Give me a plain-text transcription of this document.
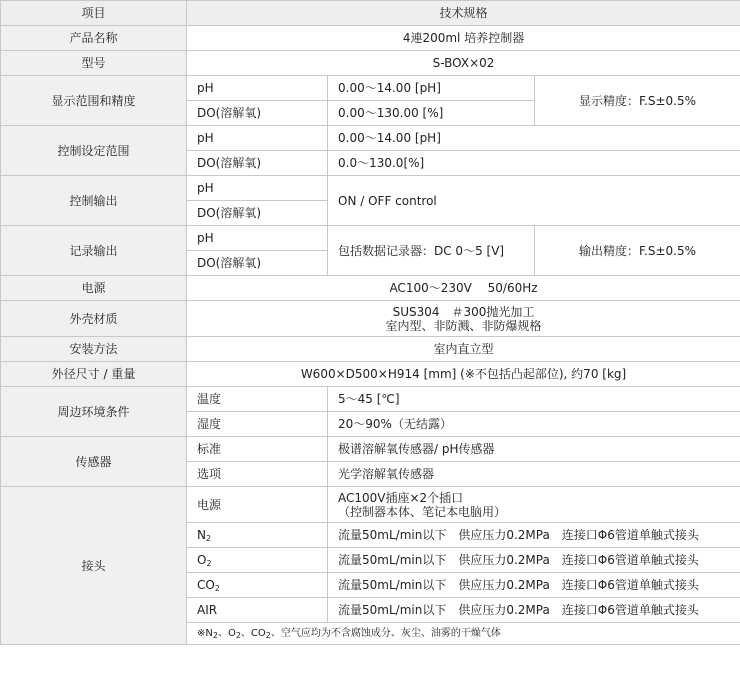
项目	技术规格		
产品名称	4連200ml 培养控制器		
型号	S-BOX×02		
显示范围和精度	pH	0.00～14.00 [pH]	显示精度：F.S±0.5%
	DO(溶解氧)	0.00～130.00 [%]	
控制设定范围	pH	0.00～14.00 [pH]	
	DO(溶解氧)	0.0～130.0[%]	
控制输出	pH	ON / OFF control	
	DO(溶解氧)		
记录输出	pH	包括数据记录器：DC 0～5 [V]	输出精度：F.S±0.5%
	DO(溶解氧)		
电源	AC100～230V　 50/60Hz		
外壳材质	SUS304　＃300抛光加工
室内型、非防溅、非防爆规格		

安装方法	室内直立型		
外径尺寸 / 重量	W600×D500×H914 [mm] (※不包括凸起部位), 约70 [kg]		
周边环境条件	温度	5～45 [℃]	
	湿度	20～90%（无结露）	
传感器	标准	极谱溶解氧传感器/ pH传感器	
	选项	光学溶解氧传感器	
接头	电源	AC100V插座×2个插口
（控制器本体、笔记本电脑用）	

	$N_2$	流量50mL/min以下　供应压力0.2MPa　连接口Φ6管道单触式接头	
	$O_2$	流量50mL/min以下　供应压力0.2MPa　连接口Φ6管道单触式接头	
	$CO_2$	流量50mL/min以下　供应压力0.2MPa　连接口Φ6管道单触式接头	
	AIR	流量50mL/min以下　供应压力0.2MPa　连接口Φ6管道单触式接头	
	$※N_2$、$O_2$、$CO_2$、空气应均为不含腐蚀成分、灰尘、油雾的干燥气体		
